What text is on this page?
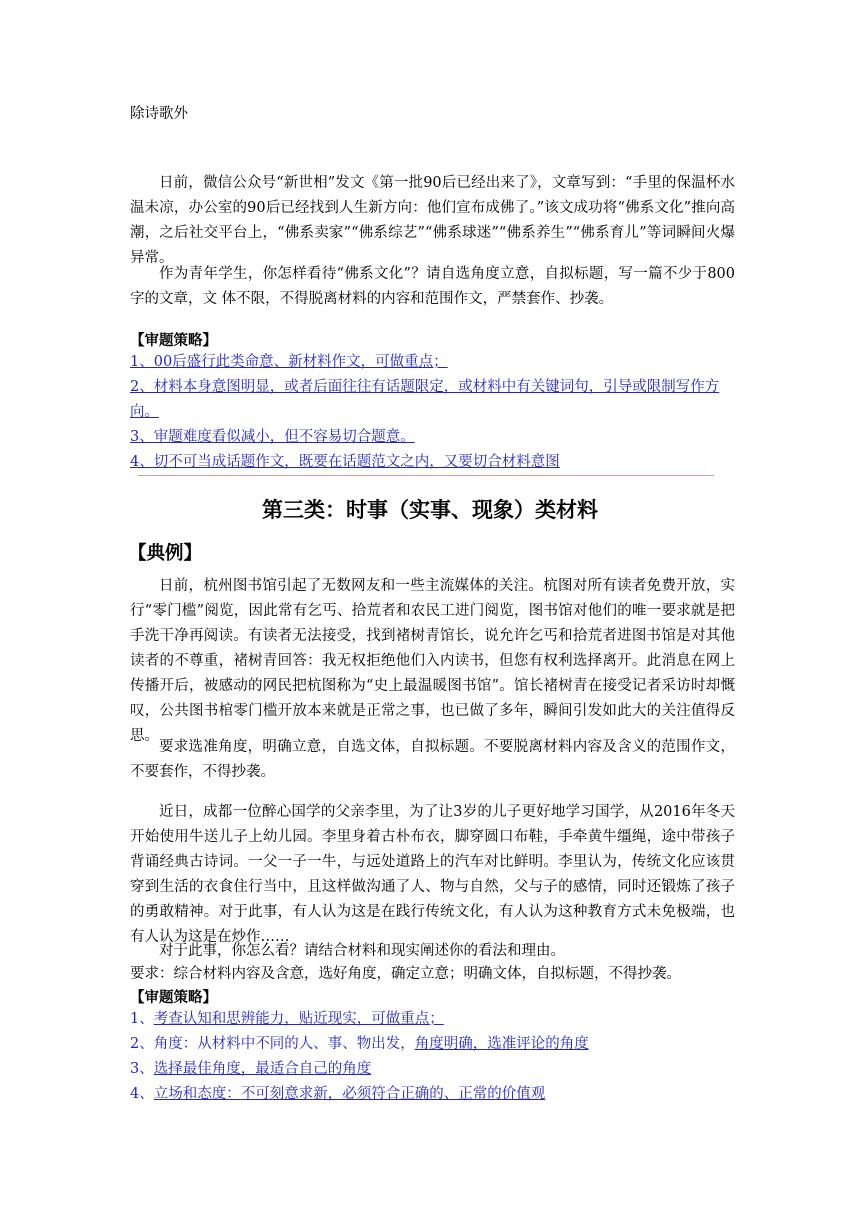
除诗歌外

日前，微信公众号“新世相”发文《第一批90后已经出来了》，文章写到：“手里的保温杯水温未凉，办公室的90后已经找到人生新方向：他们宣布成佛了。”该文成功将“佛系文化”推向高潮，之后社交平台上，“佛系卖家”“佛系综艺”“佛系球迷”“佛系养生”“佛系育儿”等词瞬间火爆异常。

作为青年学生，你怎样看待“佛系文化”？请自选角度立意，自拟标题，写一篇不少于800字的文章，文 体不限，不得脱离材料的内容和范围作文，严禁套作、抄袭。

【审题策略】

1、00后盛行此类命意、新材料作文，可做重点；
2、材料本身意图明显，或者后面往往有话题限定，或材料中有关键词句，引导或限制写作方向。
3、审题难度看似减小，但不容易切合题意。
4、切不可当成话题作文，既要在话题范文之内，又要切合材料意图
第三类：时事（实事、现象）类材料

【典例】

日前，杭州图书馆引起了无数网友和一些主流媒体的关注。杭图对所有读者免费开放，实行“零门槛”阅览，因此常有乞丐、拾荒者和农民工进门阅览，图书馆对他们的唯一要求就是把手洗干净再阅读。有读者无法接受，找到褚树青馆长，说允许乞丐和拾荒者进图书馆是对其他读者的不尊重，褚树青回答：我无权拒绝他们入内读书，但您有权利选择离开。此消息在网上传播开后，被感动的网民把杭图称为“史上最温暖图书馆”。馆长褚树青在接受记者采访时却慨叹，公共图书棺零门槛开放本来就是正常之事，也已做了多年，瞬间引发如此大的关注值得反思。

要求选准角度，明确立意，自选文体，自拟标题。不要脱离材料内容及含义的范围作文，不要套作，不得抄袭。

近日，成都一位醉心国学的父亲李里，为了让3岁的儿子更好地学习国学，从2016年冬天开始使用牛送儿子上幼儿园。李里身着古朴布衣，脚穿圆口布鞋，手牵黄牛缰绳，途中带孩子背诵经典古诗词。一父一子一牛，与远处道路上的汽车对比鲜明。李里认为，传统文化应该贯穿到生活的衣食住行当中，且这样做沟通了人、物与自然，父与子的感情，同时还锻炼了孩子的勇敢精神。对于此事，有人认为这是在践行传统文化，有人认为这种教育方式未免极端，也有人认为这是在炒作……

对于此事，你怎么看？请结合材料和现实阐述你的看法和理由。

要求：综合材料内容及含意，选好角度，确定立意；明确文体，自拟标题，不得抄袭。

【审题策略】

1、考查认知和思辨能力，贴近现实，可做重点；
2、角度：从材料中不同的人、事、物出发，角度明确，选准评论的角度
3、选择最佳角度，最适合自己的角度
4、立场和态度：不可刻意求新，必须符合正确的、正常的价值观
